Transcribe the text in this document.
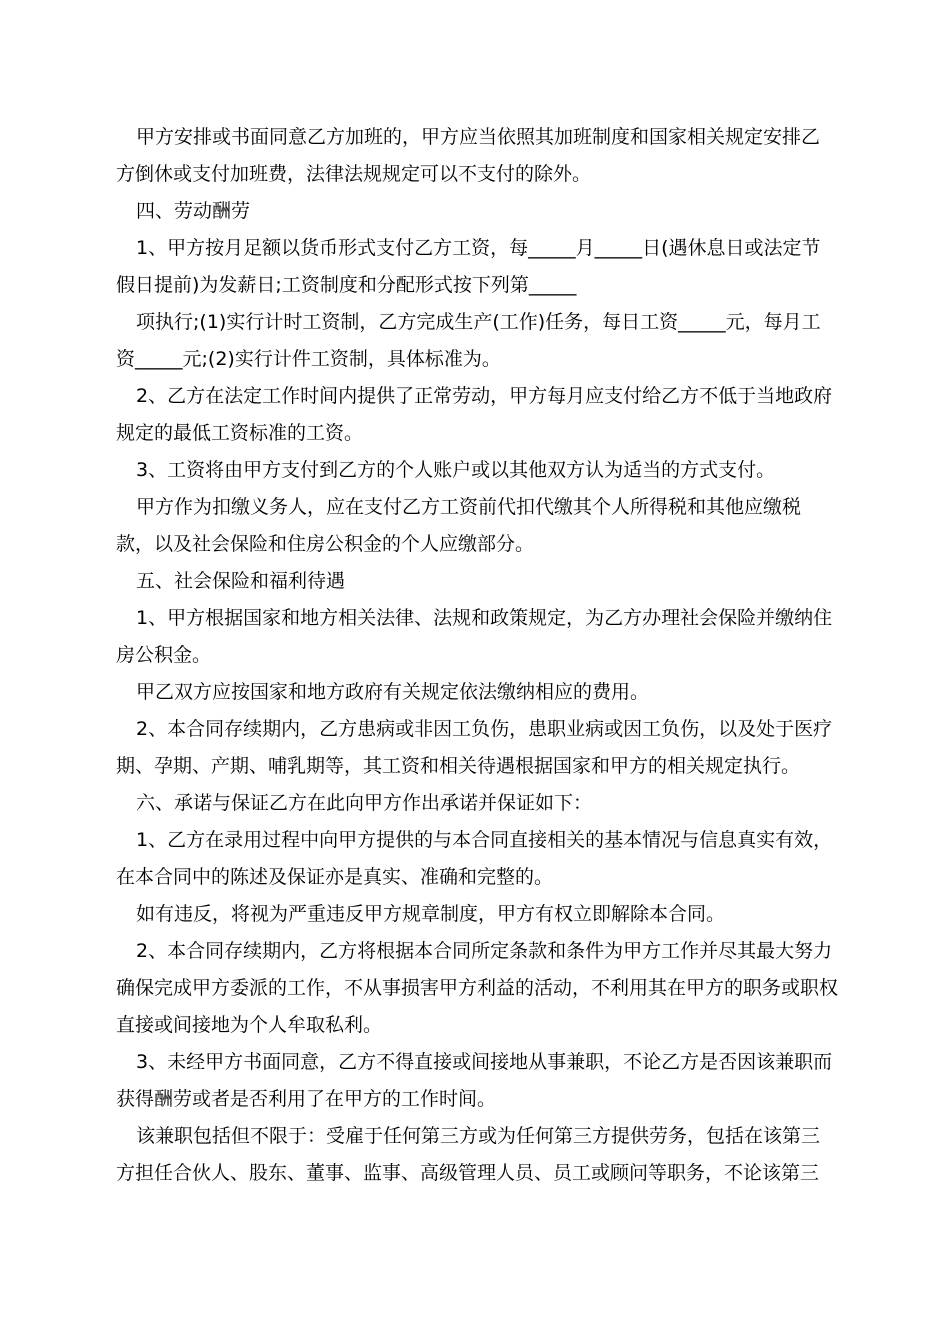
甲方安排或书面同意乙方加班的，甲方应当依照其加班制度和国家相关规定安排乙方倒休或支付加班费，法律法规规定可以不支付的除外。

四、劳动酬劳

1、甲方按月足额以货币形式支付乙方工资，每_____月_____日(遇休息日或法定节假日提前)为发薪日;工资制度和分配形式按下列第_____

项执行;(1)实行计时工资制，乙方完成生产(工作)任务，每日工资_____元，每月工资_____元;(2)实行计件工资制，具体标准为。

2、乙方在法定工作时间内提供了正常劳动，甲方每月应支付给乙方不低于当地政府规定的最低工资标准的工资。

3、工资将由甲方支付到乙方的个人账户或以其他双方认为适当的方式支付。

甲方作为扣缴义务人，应在支付乙方工资前代扣代缴其个人所得税和其他应缴税款，以及社会保险和住房公积金的个人应缴部分。

五、社会保险和福利待遇

1、甲方根据国家和地方相关法律、法规和政策规定，为乙方办理社会保险并缴纳住房公积金。

甲乙双方应按国家和地方政府有关规定依法缴纳相应的费用。

2、本合同存续期内，乙方患病或非因工负伤，患职业病或因工负伤，以及处于医疗期、孕期、产期、哺乳期等，其工资和相关待遇根据国家和甲方的相关规定执行。

六、承诺与保证乙方在此向甲方作出承诺并保证如下：

1、乙方在录用过程中向甲方提供的与本合同直接相关的基本情况与信息真实有效，在本合同中的陈述及保证亦是真实、准确和完整的。

如有违反，将视为严重违反甲方规章制度，甲方有权立即解除本合同。

2、本合同存续期内，乙方将根据本合同所定条款和条件为甲方工作并尽其最大努力确保完成甲方委派的工作，不从事损害甲方利益的活动，不利用其在甲方的职务或职权直接或间接地为个人牟取私利。

3、未经甲方书面同意，乙方不得直接或间接地从事兼职，不论乙方是否因该兼职而获得酬劳或者是否利用了在甲方的工作时间。

该兼职包括但不限于：受雇于任何第三方或为任何第三方提供劳务，包括在该第三方担任合伙人、股东、董事、监事、高级管理人员、员工或顾问等职务，不论该第三
